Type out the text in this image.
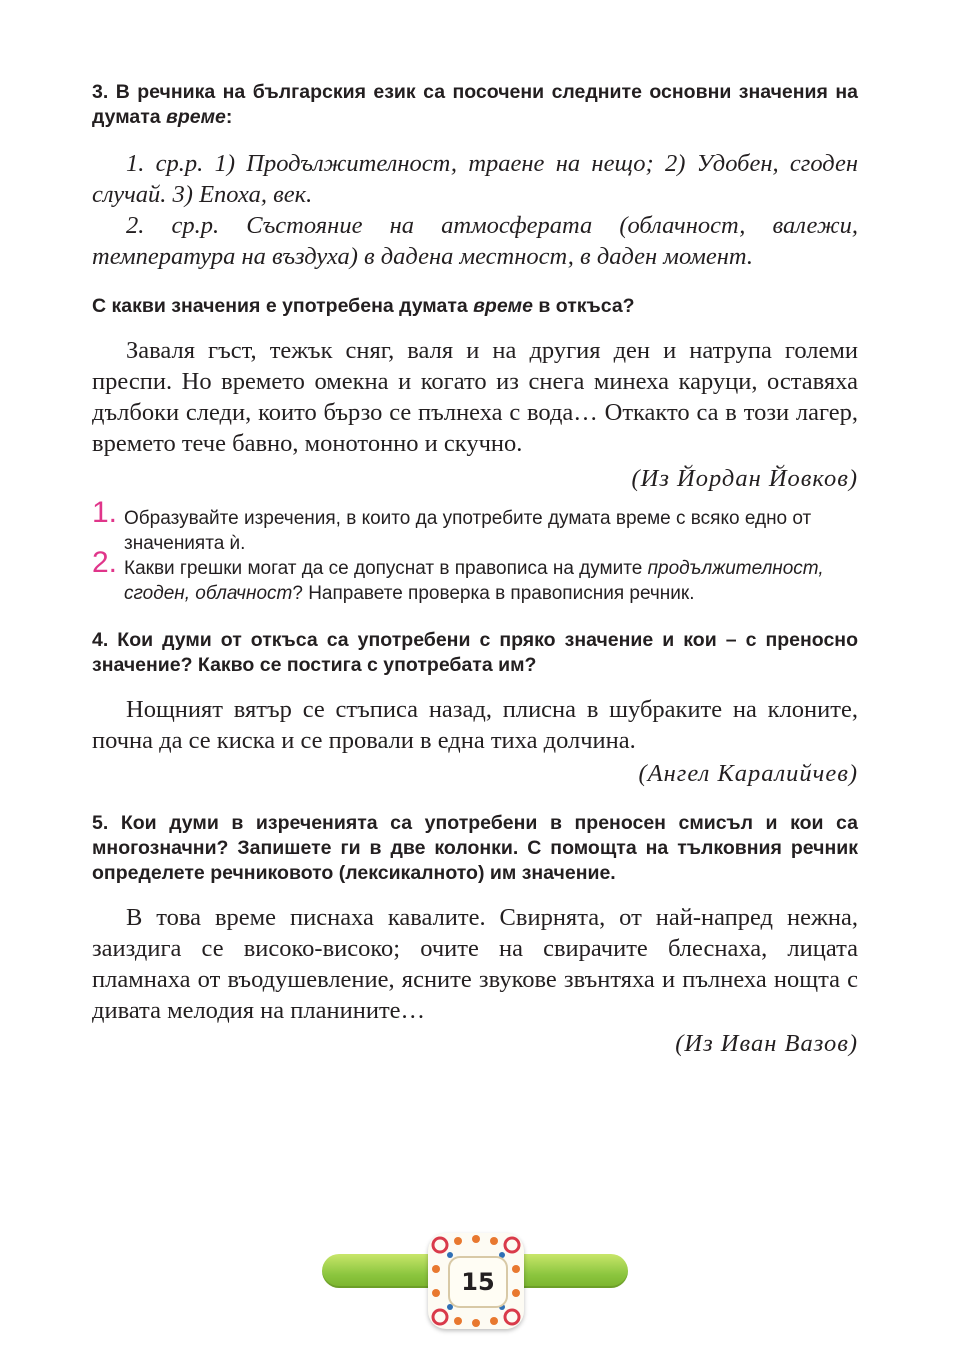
3. В речника на българския език са посочени следните основни значения на думата време:

1. ср.р. 1) Продължителност, траене на нещо; 2) Удобен, сгоден случай. 3) Епоха, век.

2. ср.р. Състояние на атмосферата (облачност, валежи, температура на въздуха) в дадена местност, в даден момент.

С какви значения е употребена думата време в откъса?

Заваля гъст, тежък сняг, валя и на другия ден и натрупа големи преспи. Но времето омекна и когато из снега минеха каруци, оставяха дълбоки следи, които бързо се пълнеха с вода… Откакто са в този лагер, времето тече бавно, монотонно и скучно.

(Из Йордан Йовков)

1. Образувайте изречения, в които да употребите думата време с всяко едно от значенията ѝ.

2. Какви грешки могат да се допуснат в правописа на думите продължителност, сгоден, облачност? Направете проверка в правописния речник.

4. Кои думи от откъса са употребени с пряко значение и кои – с преносно значение? Какво се постига с употребата им?

Нощният вятър се стъписа назад, плисна в шубраките на клоните, почна да се киска и се провали в една тиха долчина.

(Ангел Каралийчев)

5. Кои думи в изреченията са употребени в преносен смисъл и кои са многозначни? Запишете ги в две колонки. С помощта на тълковния речник определете речниковото (лексикалното) им значение.

В това време писнаха кавалите. Свирнята, от най-напред нежна, заиздига се високо-високо; очите на свирачите блеснаха, лицата пламнаха от въодушевление, ясните звукове звънтяха и пълнеха нощта с дивата мелодия на планините…

(Из Иван Вазов)

15
